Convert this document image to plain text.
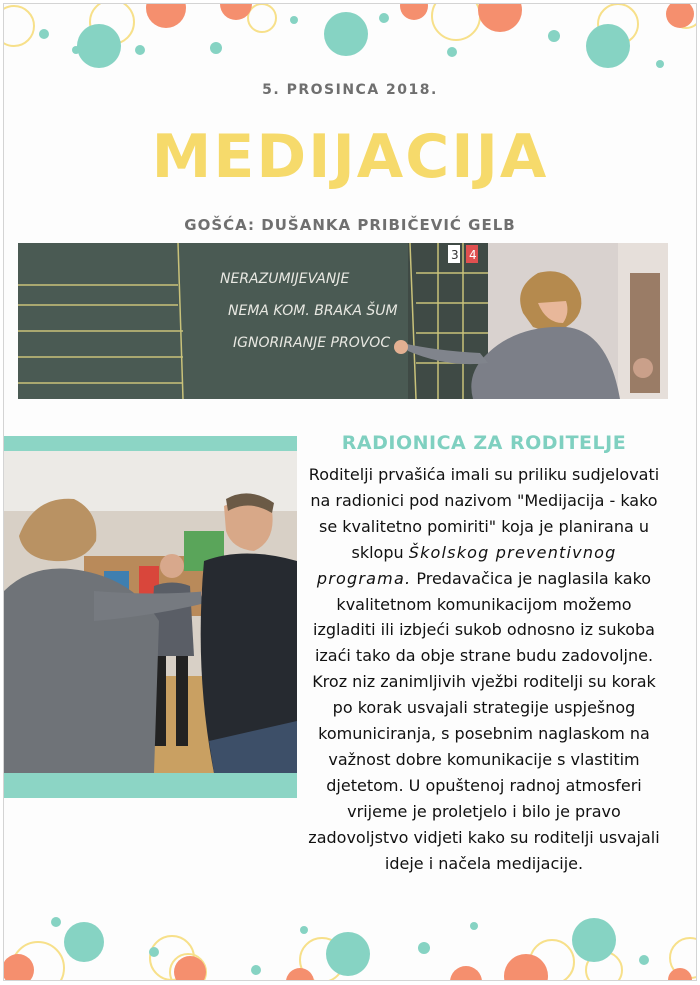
5. PROSINCA 2018.
MEDIJACIJA
GOŠĆA: DUŠANKA PRIBIČEVIĆ GELB
3 4
NERAZUMIJEVANJE
NEMA KOM. BRAKA ŠUM
IGNORIRANJE PROVOC
RADIONICA ZA RODITELJE
Roditelji prvašića imali su priliku sudjelovati na radionici pod nazivom "Medijacija - kako se kvalitetno pomiriti" koja je planirana u sklopu Školskog preventivnog programa. Predavačica je naglasila kako kvalitetnom komunikacijom možemo izgladiti ili izbjeći sukob odnosno iz sukoba izaći tako da obje strane budu zadovoljne. Kroz niz zanimljivih vježbi roditelji su korak po korak usvajali strategije uspješnog komuniciranja, s posebnim naglaskom na važnost dobre komunikacije s vlastitim djetetom. U opuštenoj radnoj atmosferi vrijeme je proletjelo i bilo je pravo zadovoljstvo vidjeti kako su roditelji usvajali ideje i načela medijacije.
